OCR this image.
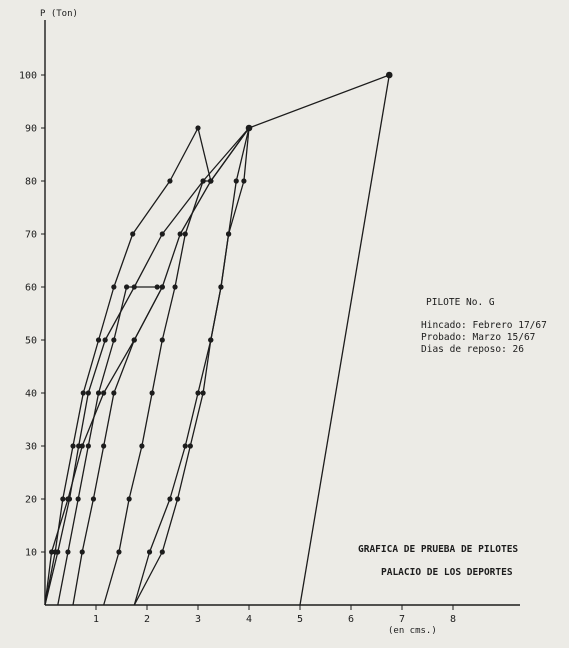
1	2	3	4	5	6	7	8
10
20
30
40
50
60
70
80
90
100
P (Ton)
(en cms.)
PILOTE No. G
Hincado: Febrero 17/67
Probado: Marzo 15/67
Dias de reposo: 26
GRAFICA DE PRUEBA DE PILOTES
PALACIO DE LOS DEPORTES
